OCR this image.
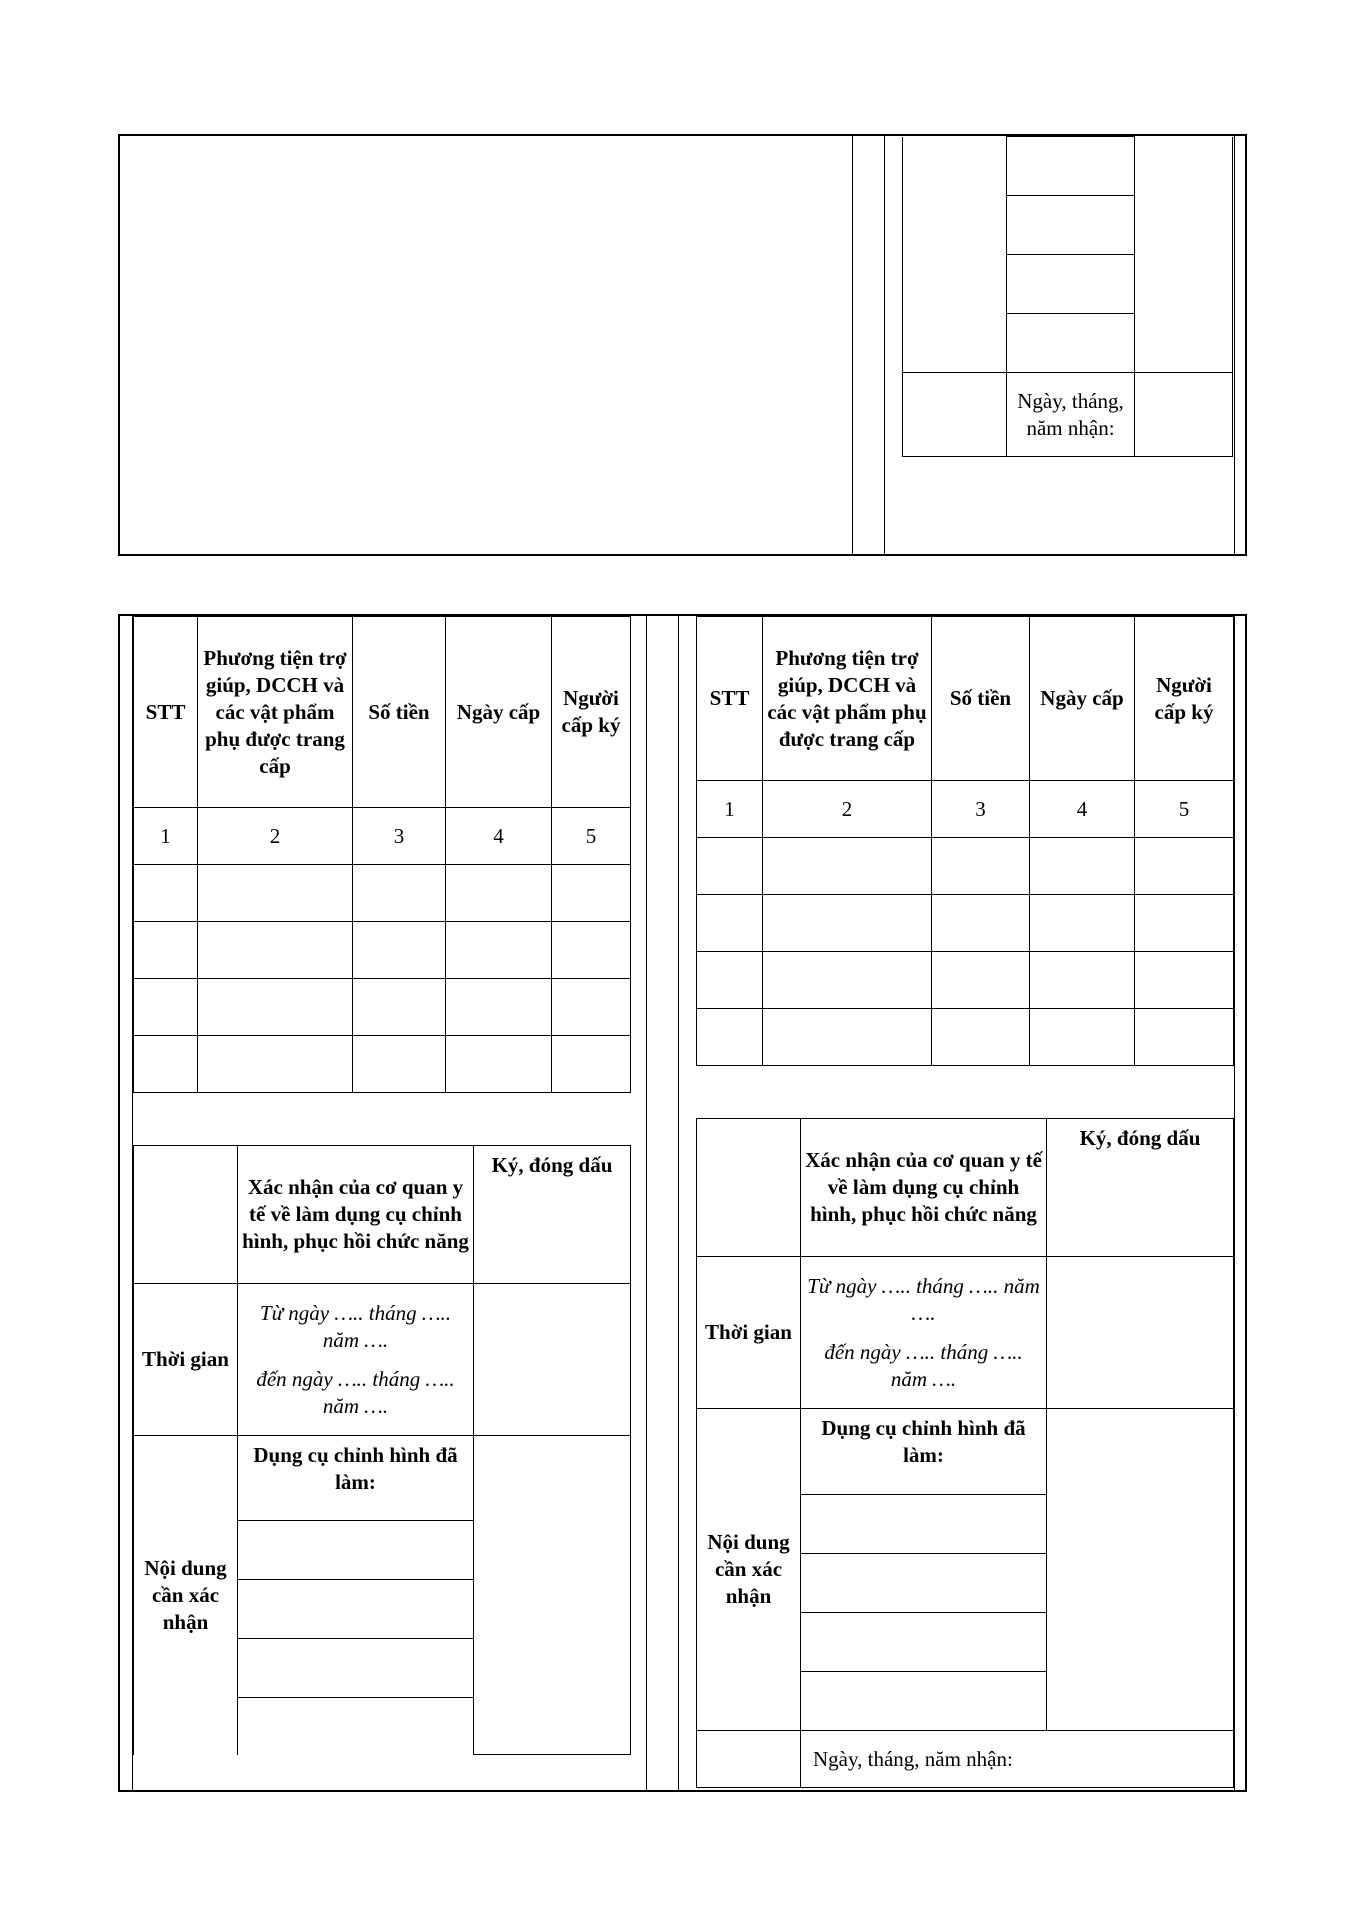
	Ngày, tháng, năm nhận:	
STT	Phương tiện trợ giúp, DCCH và các vật phẩm phụ được trang cấp	Số tiền	Ngày cấp	Người cấp ký
1	2	3	4	5

	Xác nhận của cơ quan y tế về làm dụng cụ chỉnh hình, phục hồi chức năng	Ký, đóng dấu
Thời gian	Từ ngày ….. tháng ….. năm ….
đến ngày ….. tháng ….. năm ….	

Nội dung cần xác nhận	Dụng cụ chỉnh hình đã làm:	

STT	Phương tiện trợ giúp, DCCH và các vật phẩm phụ được trang cấp	Số tiền	Ngày cấp	Người cấp ký
1	2	3	4	5

	Xác nhận của cơ quan y tế về làm dụng cụ chỉnh hình, phục hồi chức năng	Ký, đóng dấu
Thời gian	Từ ngày ….. tháng ….. năm ….
đến ngày ….. tháng ….. năm ….	

Nội dung cần xác nhận	Dụng cụ chỉnh hình đã làm:	

	Ngày, tháng, năm nhận:	
